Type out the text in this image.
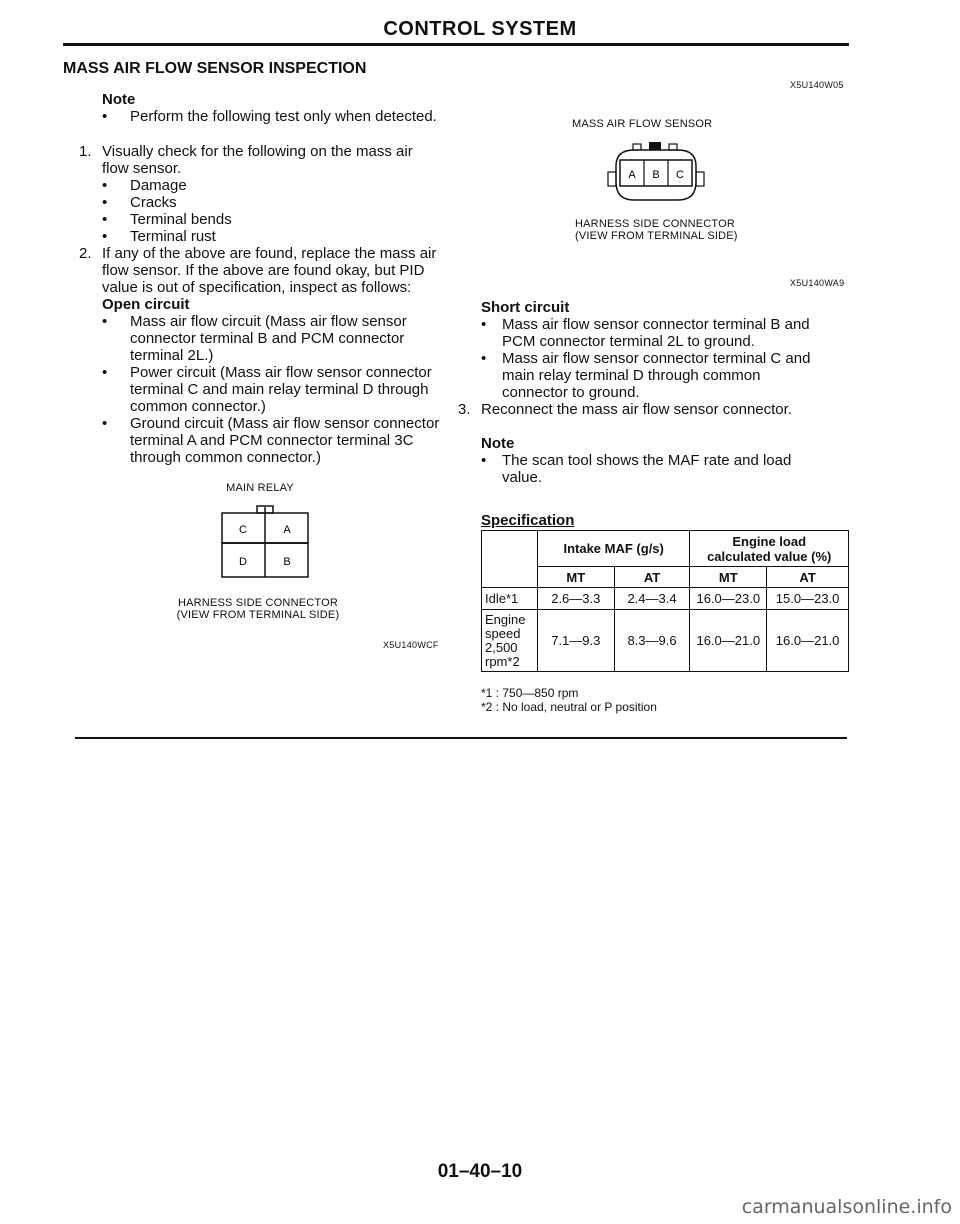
CONTROL SYSTEM
MASS AIR FLOW SENSOR INSPECTION
Note
• Perform the following test only when detected.
1. Visually check for the following on the mass air
flow sensor.
• Damage
• Cracks
• Terminal bends
• Terminal rust
2. If any of the above are found, replace the mass air
flow sensor. If the above are found okay, but PID
value is out of specification, inspect as follows:
Open circuit
• Mass air flow circuit (Mass air flow sensor
connector terminal B and PCM connector
terminal 2L.)
• Power circuit (Mass air flow sensor connector
terminal C and main relay terminal D through
common connector.)
• Ground circuit (Mass air flow sensor connector
terminal A and PCM connector terminal 3C
through common connector.)
MAIN RELAY
C	A
D	B
HARNESS SIDE CONNECTOR
(VIEW FROM TERMINAL SIDE)
X5U140WCF
X5U140W05
MASS AIR FLOW SENSOR
A B C
HARNESS SIDE CONNECTOR
(VIEW FROM TERMINAL SIDE)
X5U140WA9
Short circuit
• Mass air flow sensor connector terminal B and
PCM connector terminal 2L to ground.
• Mass air flow sensor connector terminal C and
main relay terminal D through common
connector to ground.
3. Reconnect the mass air flow sensor connector.
Note
• The scan tool shows the MAF rate and load
value.
Specification
	Intake MAF (g/s)		Engine load
calculated value (%)	

	MT	AT	MT	AT
Idle*1	2.6—3.3	2.4—3.4	16.0—23.0	15.0—23.0

Engine
speed
2,500
rpm*2	7.1—9.3	8.3—9.6	16.0—21.0	16.0—21.0
*1 : 750—850 rpm
*2 : No load, neutral or P position
01–40–10
carmanualsonline.info
